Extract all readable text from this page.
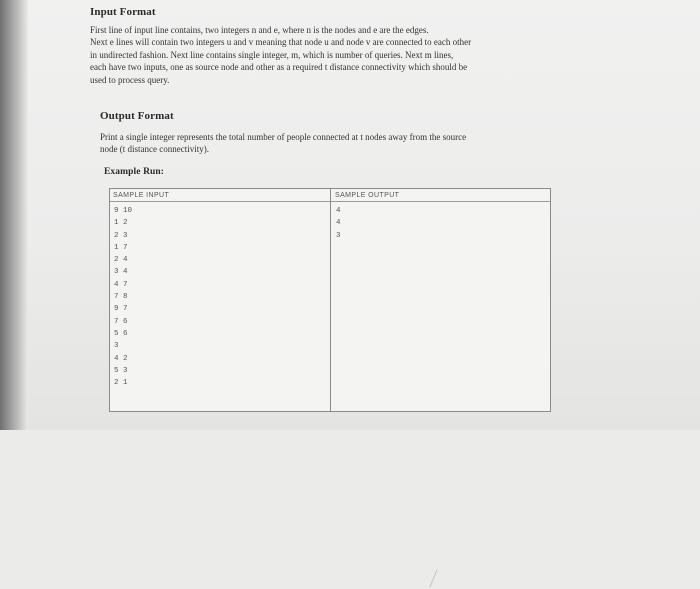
Input Format
First line of input line contains, two integers n and e, where n is the nodes and e are the edges.
Next e lines will contain two integers u and v meaning that node u and node v are connected to each other
in undirected fashion. Next line contains single integer, m, which is number of queries. Next m lines,
each have two inputs, one as source node and other as a required t distance connectivity which should be
used to process query.
Output Format
Print a single integer represents the total number of people connected at t nodes away from the source
node (t distance connectivity).
Example Run:
SAMPLE INPUT	SAMPLE OUTPUT
9 10
1 2
2 3
1 7
2 4
3 4
4 7
7 8
9 7
7 6
5 6
3
4 2
5 3
2 1
4
4
3
